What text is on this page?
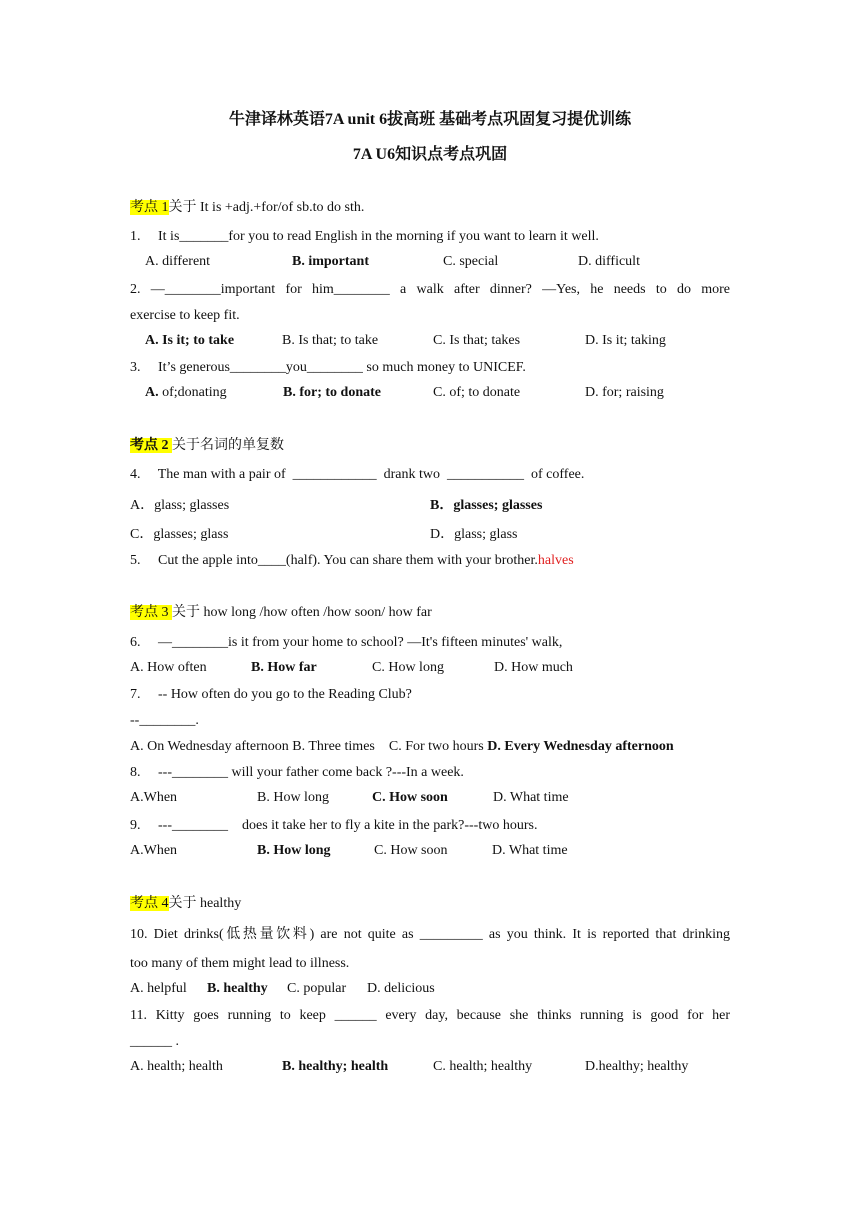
牛津译林英语7A unit 6拔高班 基础考点巩固复习提优训练
7A U6知识点考点巩固
考点 1关于 It is +adj.+for/of sb.to do sth.
1.     It is_______for you to read English in the morning if you want to learn it well.
A. different	B. important	C. special	D. difficult
2. —________important for him________ a walk after dinner? —Yes, he needs to do more
exercise to keep fit.
A. Is it; to take	B. Is that; to take	C. Is that; takes	D. Is it; taking
3.     It’s generous________you________ so much money to UNICEF.
A. of;donating	B. for; to donate	C. of; to donate	D. for; raising
考点 2 关于名词的单复数
4.     The man with a pair of  ____________  drank two  ___________  of coffee.
A．glass; glasses	B．glasses; glasses
C．glasses; glass	D．glass; glass
5.     Cut the apple into____(half). You can share them with your brother.halves
考点 3 关于 how long /how often /how soon/ how far
6.     —________is it from your home to school? —It's fifteen minutes' walk,
A. How often	B. How far	C. How long	D. How much
7.     -- How often do you go to the Reading Club?
--________.
A. On Wednesday afternoon B. Three times    C. For two hours D. Every Wednesday afternoon
8.     ---________ will your father come back ?---In a week.
A.When	B. How long	C. How soon	D. What time
9.     ---________    does it take her to fly a kite in the park?---two hours.
A.When	B. How long	C. How soon	D. What time
考点 4关于 healthy
10. Diet drinks(低热量饮料) are not quite as _________ as you think. It is reported that drinking
too many of them might lead to illness.
A. helpful B. healthy C. popular D. delicious
11. Kitty goes running to keep ______ every day, because she thinks running is good for her
______ .
A. health; health	B. healthy; health	C. health; healthy	D.healthy; healthy
